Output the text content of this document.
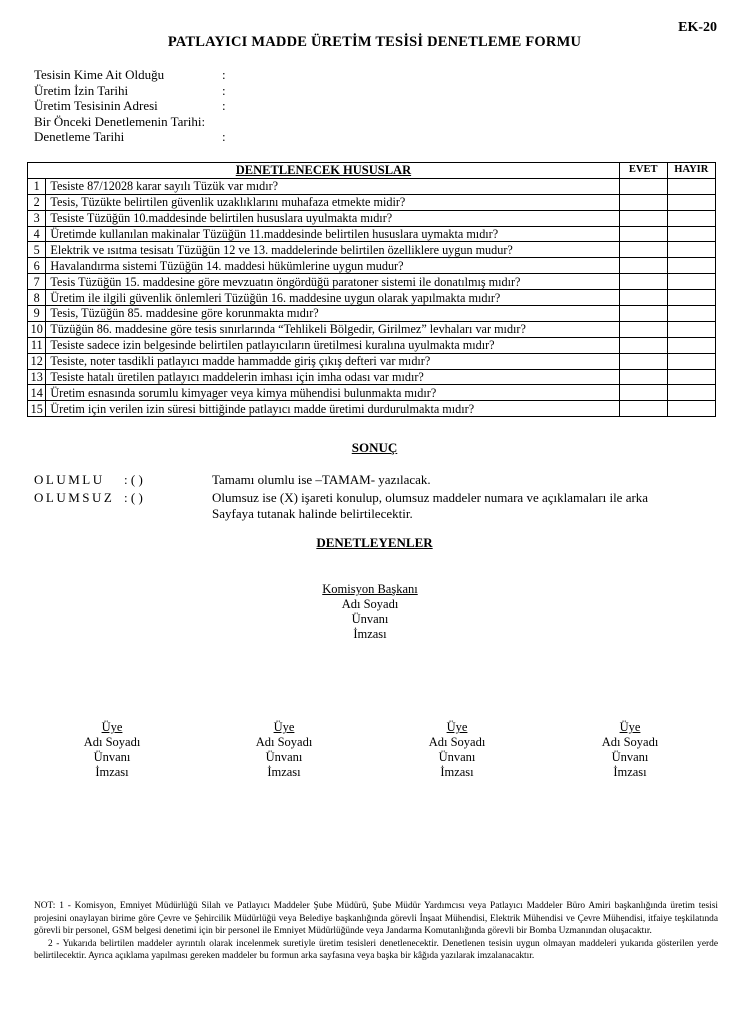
EK-20
PATLAYICI MADDE ÜRETİM TESİSİ DENETLEME FORMU
Tesisin Kime Ait Olduğu	:
Üretim İzin Tarihi	:
Üretim Tesisinin Adresi	:
Bir Önceki Denetlemenin Tarihi:
Denetleme Tarihi	:
DENETLENECEK HUSUSLAR		EVET	HAYIR
1	Tesiste 87/12028 karar sayılı Tüzük var mıdır?		
2	Tesis, Tüzükte belirtilen güvenlik uzaklıklarını muhafaza etmekte midir?		
3	Tesiste Tüzüğün 10.maddesinde belirtilen hususlara uyulmakta mıdır?		
4	Üretimde kullanılan makinalar Tüzüğün 11.maddesinde belirtilen hususlara uymakta mıdır?		
5	Elektrik ve ısıtma tesisatı Tüzüğün 12 ve 13. maddelerinde belirtilen özelliklere uygun mudur?		
6	Havalandırma sistemi Tüzüğün 14. maddesi hükümlerine uygun mudur?		
7	Tesis Tüzüğün 15. maddesine göre mevzuatın öngördüğü paratoner sistemi ile donatılmış mıdır?		
8	Üretim ile ilgili güvenlik önlemleri Tüzüğün 16. maddesine uygun olarak yapılmakta mıdır?		
9	Tesis, Tüzüğün 85. maddesine göre korunmakta mıdır?		
10	Tüzüğün 86. maddesine göre tesis sınırlarında “Tehlikeli Bölgedir, Girilmez” levhaları var mıdır?		
11	Tesiste sadece izin belgesinde belirtilen patlayıcıların üretilmesi kuralına uyulmakta mıdır?		
12	Tesiste, noter tasdikli patlayıcı madde hammadde giriş çıkış defteri var mıdır?		
13	Tesiste hatalı üretilen patlayıcı maddelerin imhası için imha odası var mıdır?		
14	Üretim esnasında sorumlu kimyager veya kimya mühendisi bulunmakta mıdır?		
15	Üretim için verilen izin süresi bittiğinde patlayıcı madde üretimi durdurulmakta mıdır?		
SONUÇ
OLUMLU : ( )	Tamamı olumlu ise –TAMAM- yazılacak.
OLUMSUZ : ( )	Olumsuz ise (X) işareti konulup, olumsuz maddeler numara ve açıklamaları ile arka
Sayfaya tutanak halinde belirtilecektir.
DENETLEYENLER
Komisyon Başkanı
Adı Soyadı
Ünvanı
İmzası
Üye
Adı Soyadı
Ünvanı
İmzası
Üye
Adı Soyadı
Ünvanı
İmzası
Üye
Adı Soyadı
Ünvanı
İmzası
Üye
Adı Soyadı
Ünvanı
İmzası

NOT: 1 - Komisyon, Emniyet Müdürlüğü Silah ve Patlayıcı Maddeler Şube Müdürü, Şube Müdür Yardımcısı veya Patlayıcı Maddeler Büro Amiri başkanlığında üretim tesisi projesini onaylayan birime göre Çevre ve Şehircilik Müdürlüğü veya Belediye başkanlığında görevli İnşaat Mühendisi, Elektrik Mühendisi ve Çevre Mühendisi, itfaiye teşkilatında görevli bir personel, GSM belgesi denetimi için bir personel ile Emniyet Müdürlüğünde veya Jandarma Komutanlığında görevli bir Bomba Uzmanından oluşacaktır.

2 - Yukarıda belirtilen maddeler ayrıntılı olarak incelenmek suretiyle üretim tesisleri denetlenecektir. Denetlenen tesisin uygun olmayan maddeleri yukarıda gösterilen yerde belirtilecektir. Ayrıca açıklama yapılması gereken maddeler bu formun arka sayfasına veya başka bir kâğıda yazılarak imzalanacaktır.
